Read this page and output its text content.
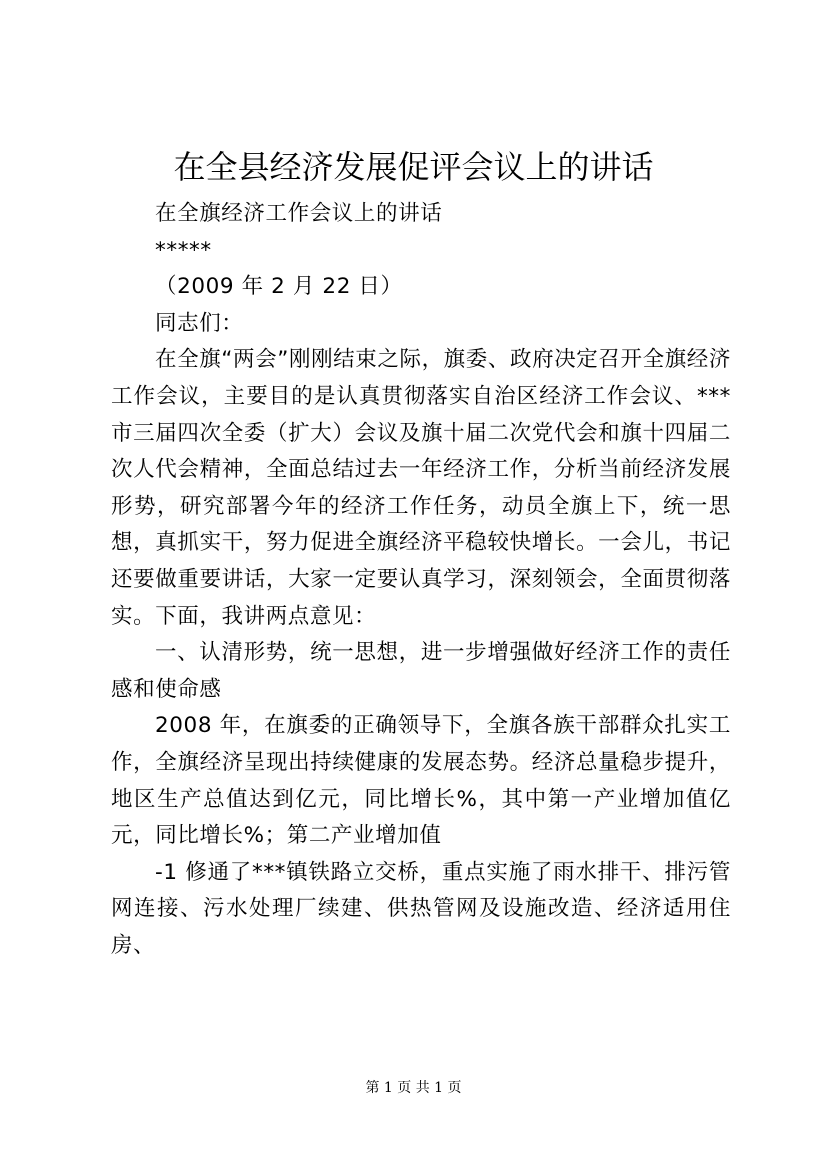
在全县经济发展促评会议上的讲话

在全旗经济工作会议上的讲话

*****

（2009 年 2 月 22 日）

同志们：

在全旗“两会”刚刚结束之际，旗委、政府决定召开全旗经济工作会议，主要目的是认真贯彻落实自治区经济工作会议、***市三届四次全委（扩大）会议及旗十届二次党代会和旗十四届二次人代会精神，全面总结过去一年经济工作，分析当前经济发展形势，研究部署今年的经济工作任务，动员全旗上下，统一思想，真抓实干，努力促进全旗经济平稳较快增长。一会儿，书记还要做重要讲话，大家一定要认真学习，深刻领会，全面贯彻落实。下面，我讲两点意见：

一、认清形势，统一思想，进一步增强做好经济工作的责任感和使命感

2008 年，在旗委的正确领导下，全旗各族干部群众扎实工作，全旗经济呈现出持续健康的发展态势。经济总量稳步提升，地区生产总值达到亿元，同比增长%，其中第一产业增加值亿元，同比增长%；第二产业增加值

-1 修通了***镇铁路立交桥，重点实施了雨水排干、排污管网连接、污水处理厂续建、供热管网及设施改造、经济适用住房、

第 1 页 共 1 页
